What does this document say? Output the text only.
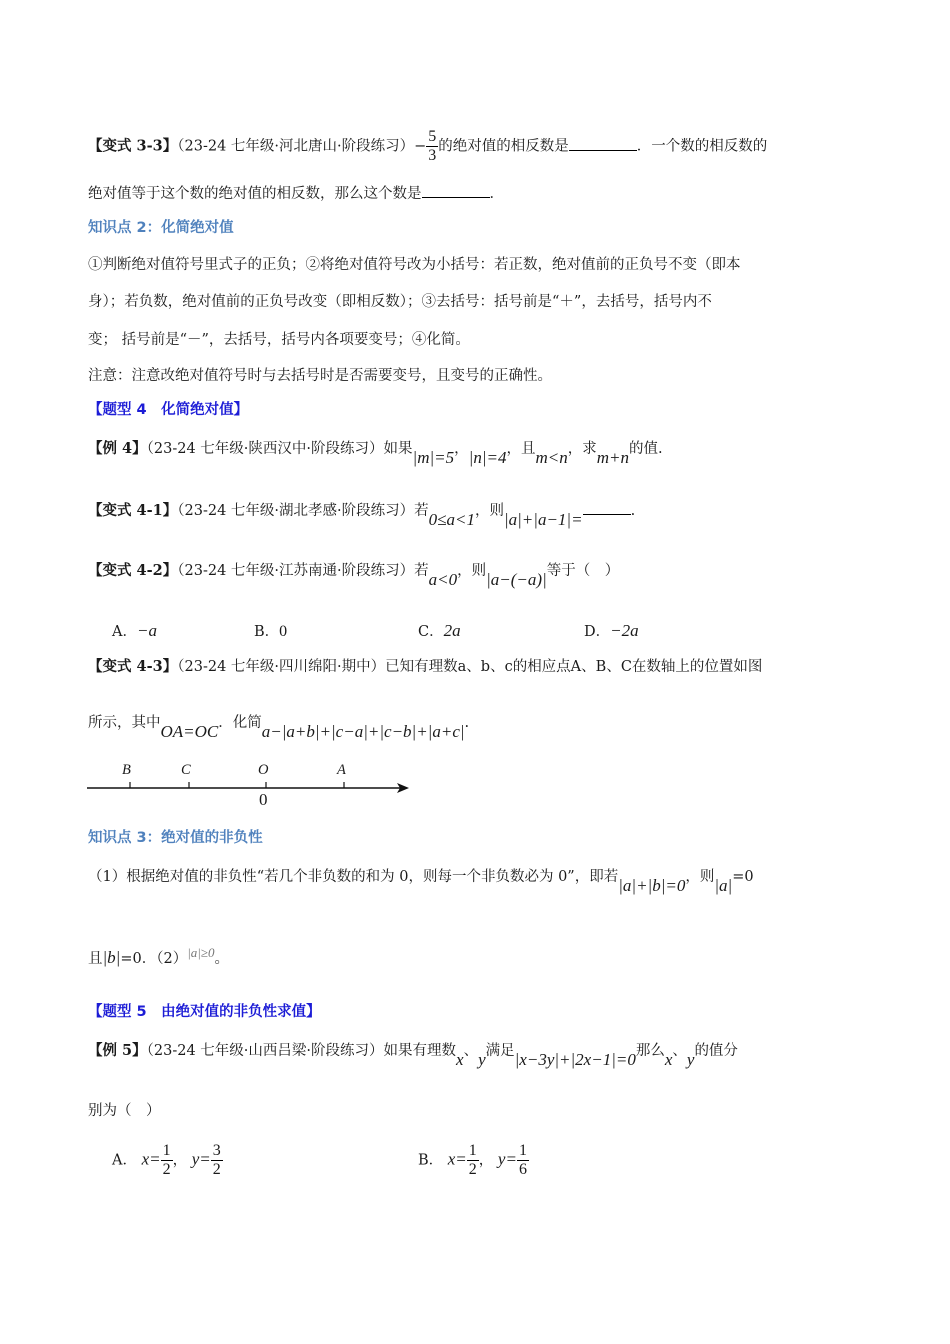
【变式 3-3】（23-24 七年级·河北唐山·阶段练习）− $\frac{5}{3}$ 的绝对值的相反数是	．一个数的相反数的
绝对值等于这个数的绝对值的相反数，那么这个数是	．
知识点 2：化简绝对值
①判断绝对值符号里式子的正负；②将绝对值符号改为小括号：若正数，绝对值前的正负号不变（即本
身）；若负数，绝对值前的正负号改变（即相反数）；③去括号：括号前是“＋”，去括号，括号内不
变； 括号前是“－”，去括号，括号内各项要变号；④化简。
注意：注意改绝对值符号时与去括号时是否需要变号，且变号的正确性。
【题型 4　化简绝对值】
【例 4】（23-24 七年级·陕西汉中·阶段练习）如果|m|=5，|n|=4，且m<n，求m+n的值.
【变式 4-1】（23-24 七年级·湖北孝感·阶段练习）若0≤a<1，则|a|+|a−1|=	.
【变式 4-2】（23-24 七年级·江苏南通·阶段练习）若a<0，则|a−(−a)|等于（　）
A．−a	B．0	C．2a	D．−2a
【变式 4-3】（23-24 七年级·四川绵阳·期中）已知有理数a、b、c的相应点A、B、C在数轴上的位置如图
所示，其中OA=OC．化简a−|a+b|+|c−a|+|c−b|+|a+c|.
B	C	O	A
0
知识点 3：绝对值的非负性
（1）根据绝对值的非负性“若几个非负数的和为 0，则每一个非负数必为 0”，即若|a|+|b|=0，则|a|=0
且|b|=0．（2）|a|≥0。
【题型 5　由绝对值的非负性求值】
【例 5】（23-24 七年级·山西吕梁·阶段练习）如果有理数x、y满足|x−3y|+|2x−1|=0那么x、y的值分
别为（　）
A． $x= \frac{1}{2}$ ， $y= \frac{3}{2}$	B． $x= \frac{1}{2}$ ， $y= \frac{1}{6}$
